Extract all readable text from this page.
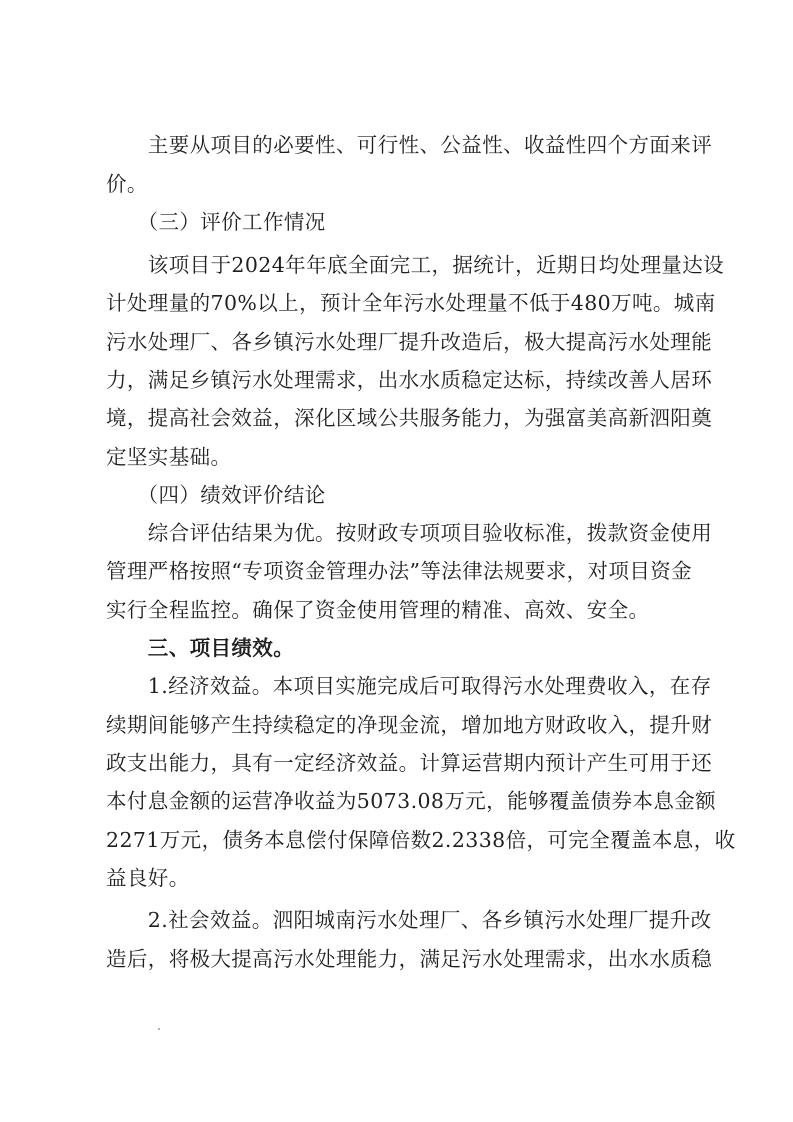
　　主要从项目的必要性、可行性、公益性、收益性四个方面来评
价。
　　（三）评价工作情况
　　该项目于2024年年底全面完工，据统计，近期日均处理量达设
计处理量的70%以上，预计全年污水处理量不低于480万吨。城南
污水处理厂、各乡镇污水处理厂提升改造后，极大提高污水处理能
力，满足乡镇污水处理需求，出水水质稳定达标，持续改善人居环
境，提高社会效益，深化区域公共服务能力，为强富美高新泗阳奠
定坚实基础。
　　（四）绩效评价结论
　　综合评估结果为优。按财政专项项目验收标准，拨款资金使用
管理严格按照“专项资金管理办法”等法律法规要求，对项目资金
实行全程监控。确保了资金使用管理的精准、高效、安全。
　　三、项目绩效。
　　1.经济效益。本项目实施完成后可取得污水处理费收入，在存
续期间能够产生持续稳定的净现金流，增加地方财政收入，提升财
政支出能力，具有一定经济效益。计算运营期内预计产生可用于还
本付息金额的运营净收益为5073.08万元，能够覆盖债券本息金额
2271万元，债务本息偿付保障倍数2.2338倍，可完全覆盖本息，收
益良好。
　　2.社会效益。泗阳城南污水处理厂、各乡镇污水处理厂提升改
造后，将极大提高污水处理能力，满足污水处理需求，出水水质稳
